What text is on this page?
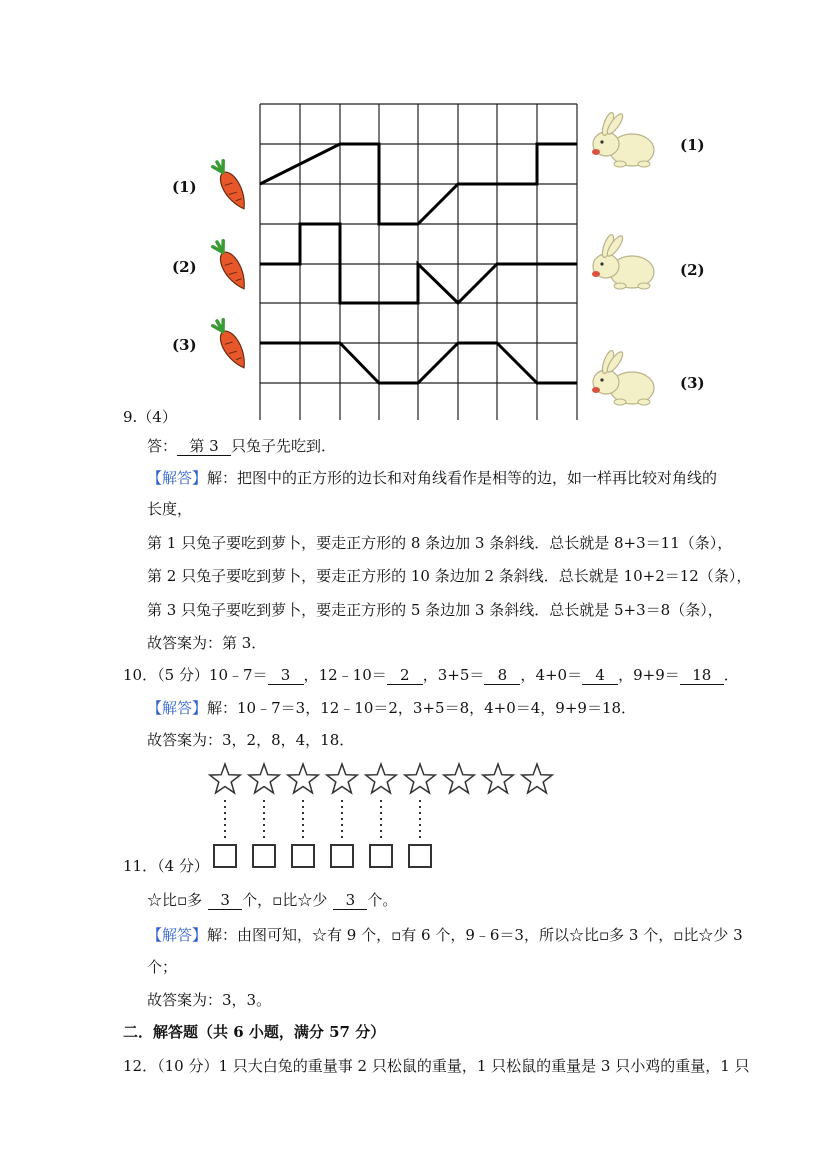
(1)
(2)
(3)
(1)
(2)
(3)
9.（4）
答： 第 3 只兔子先吃到．
【解答】解：把图中的正方形的边长和对角线看作是相等的边，如一样再比较对角线的
长度，
第 1 只兔子要吃到萝卜，要走正方形的 8 条边加 3 条斜线．总长就是 8+3＝11（条），
第 2 只兔子要吃到萝卜，要走正方形的 10 条边加 2 条斜线．总长就是 10+2＝12（条），
第 3 只兔子要吃到萝卜，要走正方形的 5 条边加 3 条斜线．总长就是 5+3＝8（条），
故答案为：第 3．
10．（5 分）10﹣7＝ 3 ，12﹣10＝ 2 ，3+5＝ 8 ，4+0＝ 4 ，9+9＝ 18 ．
【解答】解：10﹣7＝3，12﹣10＝2，3+5＝8，4+0＝4，9+9＝18．
故答案为：3，2，8，4，18．
11．（4 分）
☆比▫多 3 个，▫比☆少 3 个。
【解答】解：由图可知，☆有 9 个，▫有 6 个，9﹣6＝3，所以☆比▫多 3 个，▫比☆少 3
个；
故答案为：3，3。
二．解答题（共 6 小题，满分 57 分）
12．（10 分）1 只大白兔的重量事 2 只松鼠的重量，1 只松鼠的重量是 3 只小鸡的重量，1 只
